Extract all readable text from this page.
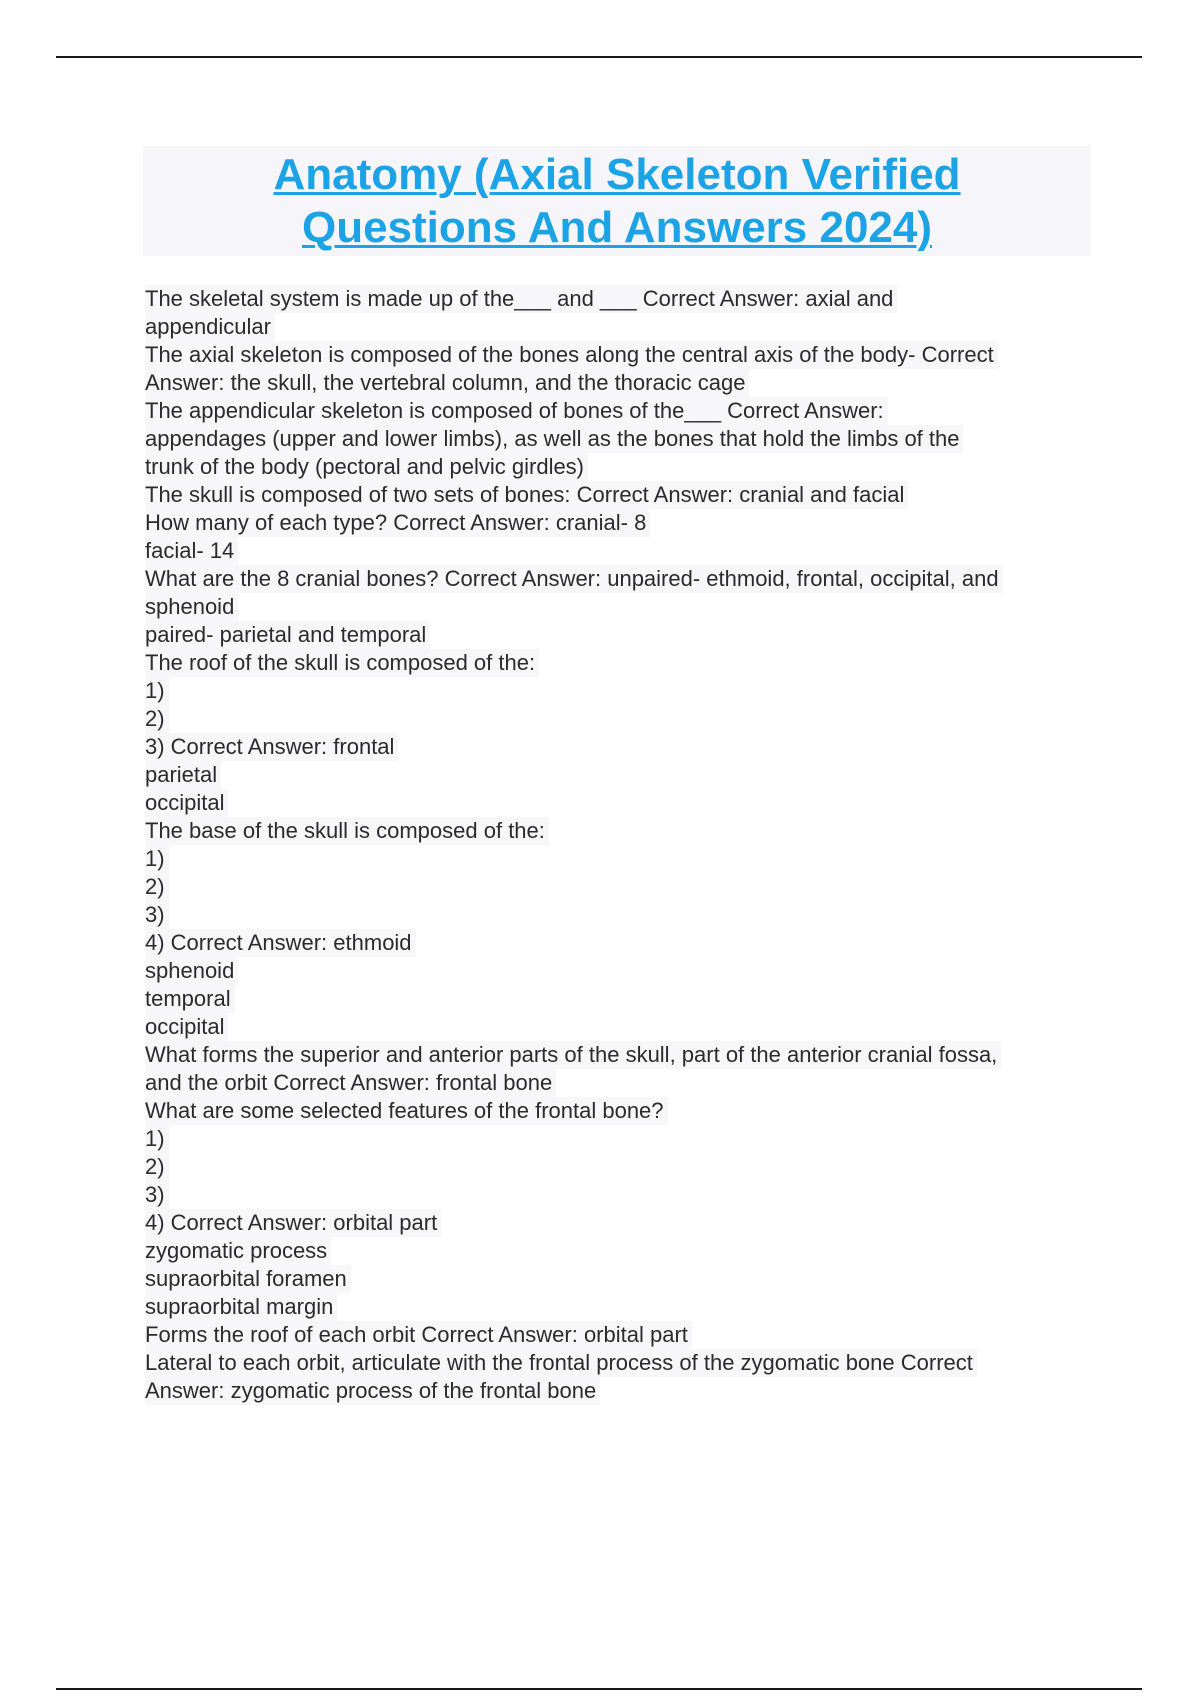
Anatomy (Axial Skeleton Verified
Questions And Answers 2024)
The skeletal system is made up of the___ and ___ Correct Answer: axial and
appendicular
The axial skeleton is composed of the bones along the central axis of the body- Correct
Answer: the skull, the vertebral column, and the thoracic cage
The appendicular skeleton is composed of bones of the___ Correct Answer:
appendages (upper and lower limbs), as well as the bones that hold the limbs of the
trunk of the body (pectoral and pelvic girdles)
The skull is composed of two sets of bones: Correct Answer: cranial and facial
How many of each type? Correct Answer: cranial- 8
facial- 14
What are the 8 cranial bones? Correct Answer: unpaired- ethmoid, frontal, occipital, and
sphenoid
paired- parietal and temporal
The roof of the skull is composed of the:
1)
2)
3) Correct Answer: frontal
parietal
occipital
The base of the skull is composed of the:
1)
2)
3)
4) Correct Answer: ethmoid
sphenoid
temporal
occipital
What forms the superior and anterior parts of the skull, part of the anterior cranial fossa,
and the orbit Correct Answer: frontal bone
What are some selected features of the frontal bone?
1)
2)
3)
4) Correct Answer: orbital part
zygomatic process
supraorbital foramen
supraorbital margin
Forms the roof of each orbit Correct Answer: orbital part
Lateral to each orbit, articulate with the frontal process of the zygomatic bone Correct
Answer: zygomatic process of the frontal bone
